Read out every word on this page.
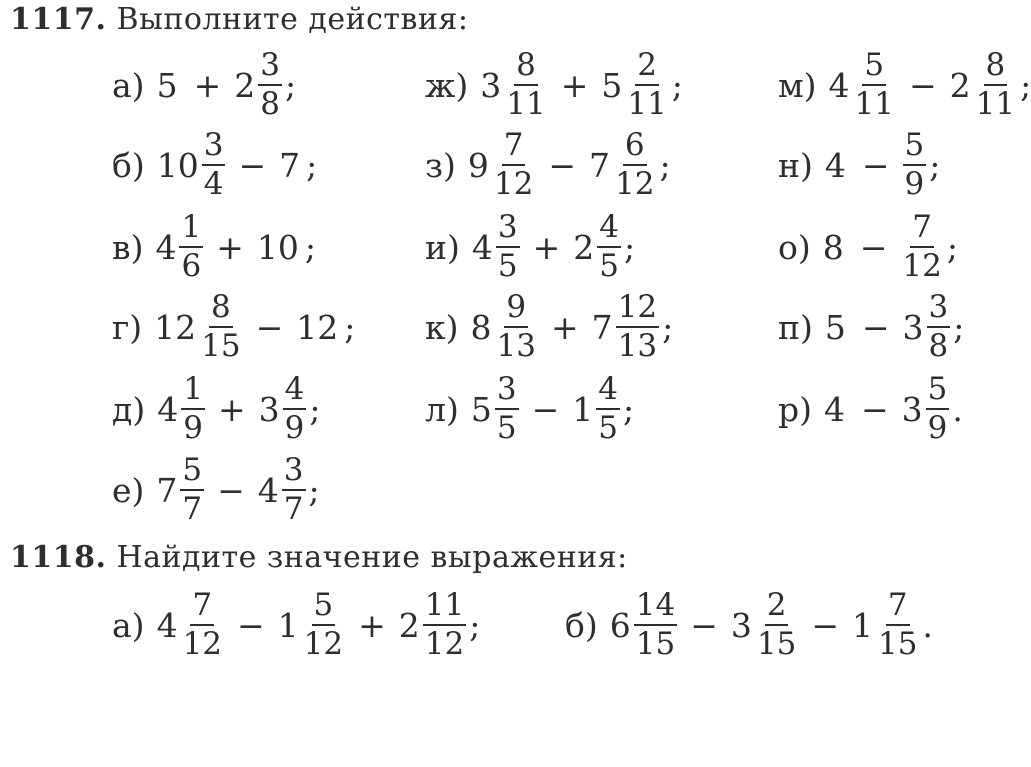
1117. Выполните действия:
1118. Найдите значение выражения:
а) $5 + 2 \frac{3}{8}$ ;
б) $10 \frac{3}{4} - 7$ ;
в) $4 \frac{1}{6} + 10$ ;
г) $12 \frac{8}{15} - 12$ ;
д) $4 \frac{1}{9} + 3 \frac{4}{9}$ ;
е) $7 \frac{5}{7} - 4 \frac{3}{7}$ ;
ж) $3 \frac{8}{11} + 5 \frac{2}{11}$ ;
з) $9 \frac{7}{12} - 7 \frac{6}{12}$ ;
и) $4 \frac{3}{5} + 2 \frac{4}{5}$ ;
к) $8 \frac{9}{13} + 7 \frac{12}{13}$ ;
л) $5 \frac{3}{5} - 1 \frac{4}{5}$ ;
м) $4 \frac{5}{11} - 2 \frac{8}{11}$ ;
н) $4 - \frac{5}{9}$ ;
о) $8 - \frac{7}{12}$ ;
п) $5 - 3 \frac{3}{8}$ ;
р) $4 - 3 \frac{5}{9}$ .
а) $4 \frac{7}{12} - 1 \frac{5}{12} + 2 \frac{11}{12}$ ;	б) $6 \frac{14}{15} - 3 \frac{2}{15} - 1 \frac{7}{15}$ .
